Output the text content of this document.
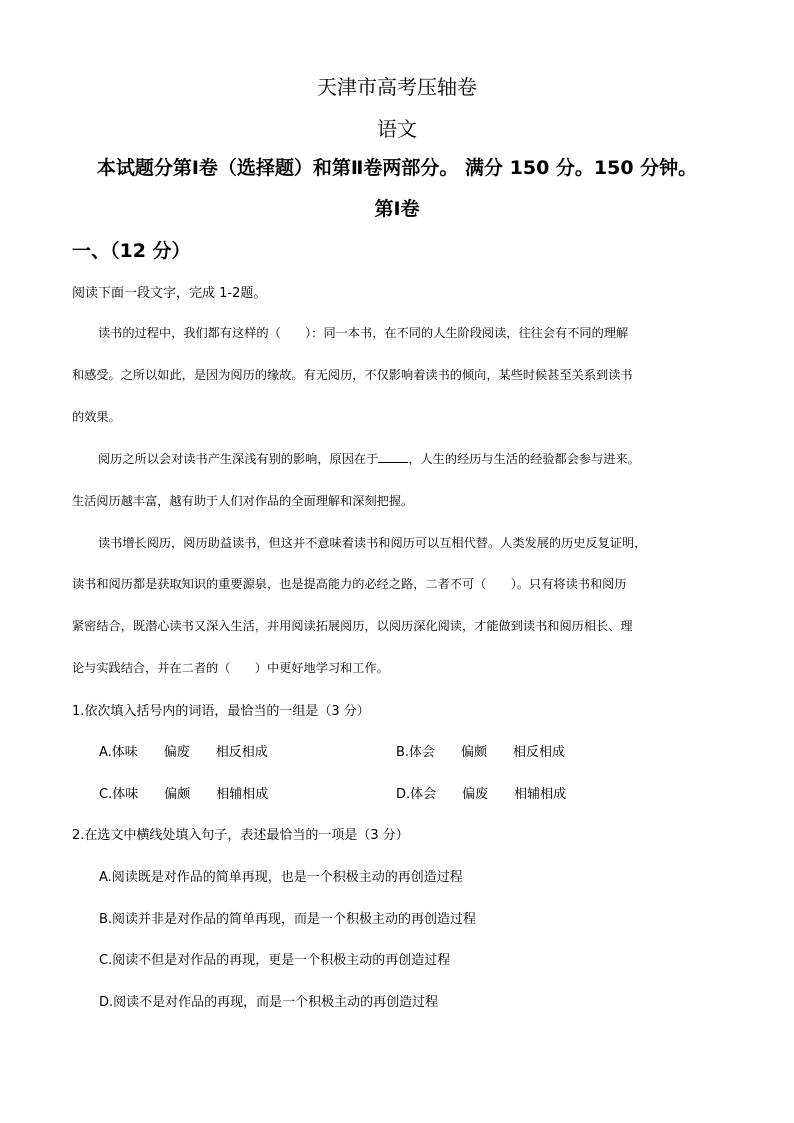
天津市高考压轴卷
语文
本试题分第Ⅰ卷（选择题）和第Ⅱ卷两部分。 满分 150 分。150 分钟。
第Ⅰ卷
一、（12 分）
阅读下面一段文字，完成 1-2题。
读书的过程中，我们都有这样的（　　）：同一本书，在不同的人生阶段阅读，往往会有不同的理解
和感受。之所以如此，是因为阅历的缘故。有无阅历，不仅影响着读书的倾向，某些时候甚至关系到读书
的效果。
阅历之所以会对读书产生深浅有别的影响，原因在于 ，人生的经历与生活的经验都会参与进来。
生活阅历越丰富，越有助于人们对作品的全面理解和深刻把握。
读书增长阅历，阅历助益读书，但这并不意味着读书和阅历可以互相代替。人类发展的历史反复证明，
读书和阅历都是获取知识的重要源泉，也是提高能力的必经之路，二者不可（　　）。只有将读书和阅历
紧密结合，既潜心读书又深入生活，并用阅读拓展阅历，以阅历深化阅读，才能做到读书和阅历相长、理
论与实践结合，并在二者的（　　）中更好地学习和工作。
1.依次填入括号内的词语，最恰当的一组是（3 分）
A.体味　　偏废　　相反相成	B.体会　　偏颇　　相反相成
C.体味　　偏颇　　相辅相成	D.体会　　偏废　　相辅相成
2.在选文中横线处填入句子，表述最恰当的一项是（3 分）
A.阅读既是对作品的简单再现，也是一个积极主动的再创造过程
B.阅读并非是对作品的简单再现，而是一个积极主动的再创造过程
C.阅读不但是对作品的再现，更是一个积极主动的再创造过程
D.阅读不是对作品的再现，而是一个积极主动的再创造过程
